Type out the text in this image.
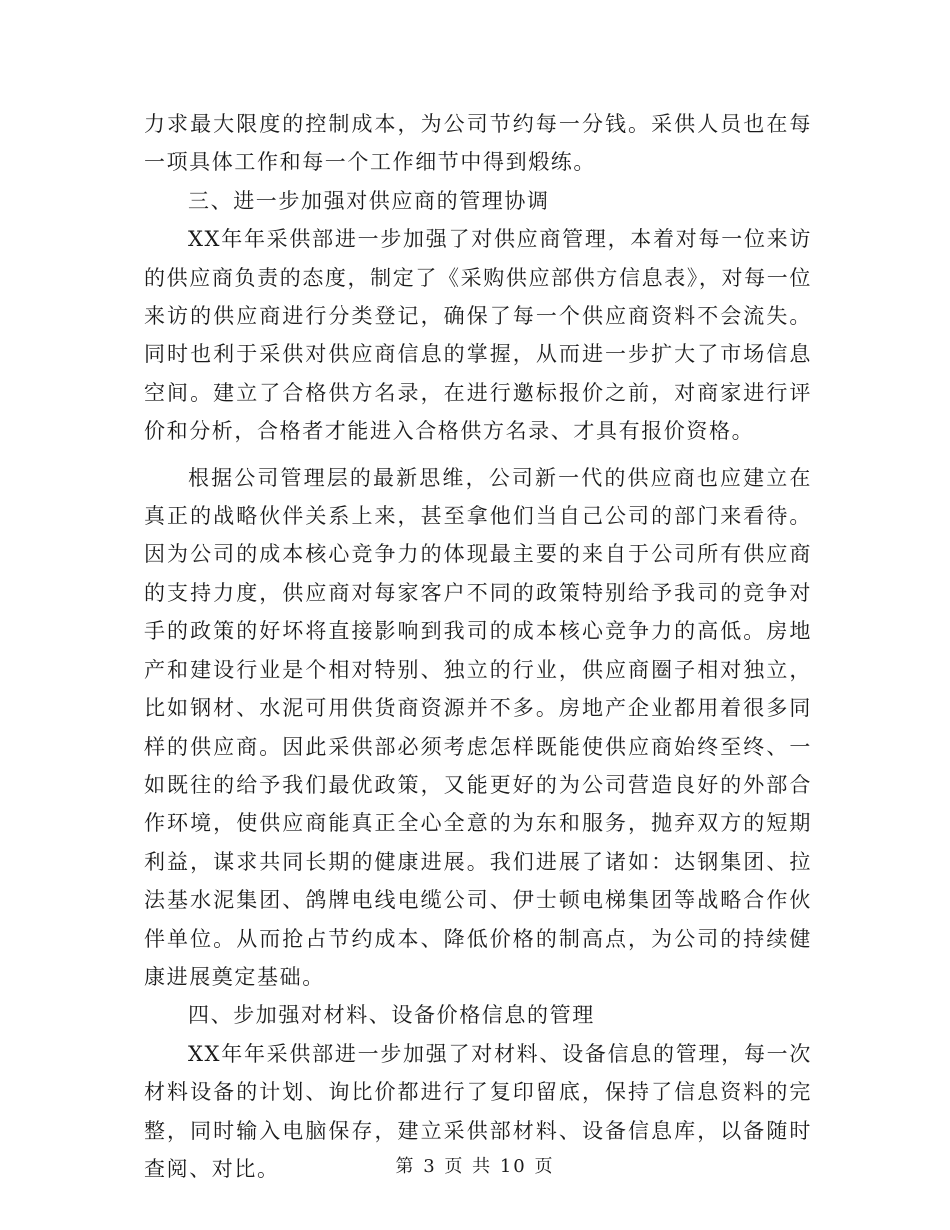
力求最大限度的控制成本，为公司节约每一分钱。采供人员也在每一项具体工作和每一个工作细节中得到煅练。

三、进一步加强对供应商的管理协调

XX年年采供部进一步加强了对供应商管理，本着对每一位来访的供应商负责的态度，制定了《采购供应部供方信息表》，对每一位来访的供应商进行分类登记，确保了每一个供应商资料不会流失。同时也利于采供对供应商信息的掌握，从而进一步扩大了市场信息空间。建立了合格供方名录，在进行邀标报价之前，对商家进行评价和分析，合格者才能进入合格供方名录、才具有报价资格。

根据公司管理层的最新思维，公司新一代的供应商也应建立在真正的战略伙伴关系上来，甚至拿他们当自己公司的部门来看待。因为公司的成本核心竞争力的体现最主要的来自于公司所有供应商的支持力度，供应商对每家客户不同的政策特别给予我司的竞争对手的政策的好坏将直接影响到我司的成本核心竞争力的高低。房地产和建设行业是个相对特别、独立的行业，供应商圈子相对独立，比如钢材、水泥可用供货商资源并不多。房地产企业都用着很多同样的供应商。因此采供部必须考虑怎样既能使供应商始终至终、一如既往的给予我们最优政策，又能更好的为公司营造良好的外部合作环境，使供应商能真正全心全意的为东和服务，抛弃双方的短期利益，谋求共同长期的健康进展。我们进展了诸如：达钢集团、拉法基水泥集团、鸽牌电线电缆公司、伊士顿电梯集团等战略合作伙伴单位。从而抢占节约成本、降低价格的制高点，为公司的持续健康进展奠定基础。

四、步加强对材料、设备价格信息的管理

XX年年采供部进一步加强了对材料、设备信息的管理，每一次材料设备的计划、询比价都进行了复印留底，保持了信息资料的完整，同时输入电脑保存，建立采供部材料、设备信息库，以备随时查阅、对比。	第 3 页 共 10 页
